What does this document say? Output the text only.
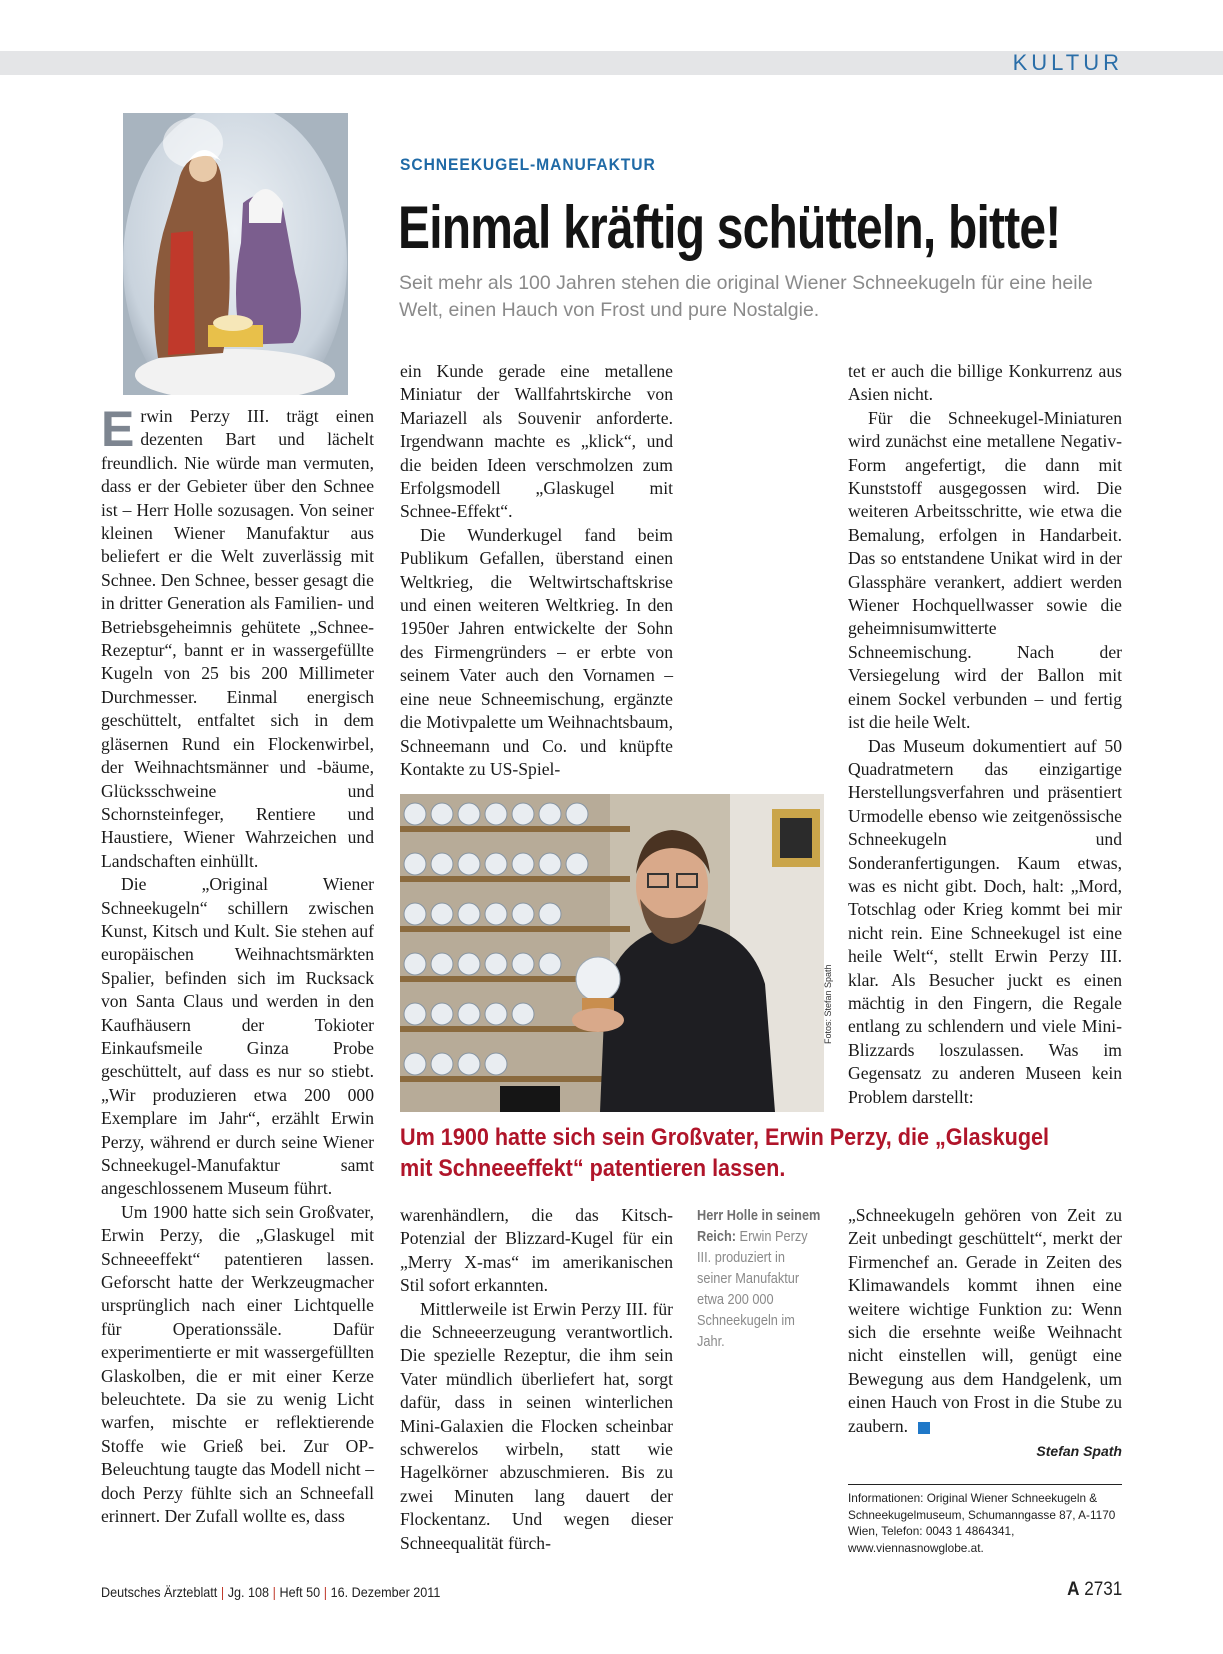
KULTUR
SCHNEEKUGEL-MANUFAKTUR
Einmal kräftig schütteln, bitte!
Seit mehr als 100 Jahren stehen die original Wiener Schneekugeln für eine heile Welt, einen Hauch von Frost und pure Nostalgie.

Erwin Perzy III. trägt einen dezenten Bart und lächelt freundlich. Nie würde man vermuten, dass er der Gebieter über den Schnee ist – Herr Holle sozusagen. Von seiner kleinen Wiener Manufaktur aus beliefert er die Welt zuverlässig mit Schnee. Den Schnee, besser gesagt die in dritter Generation als Familien- und Betriebsgeheimnis gehütete „Schnee-Rezeptur“, bannt er in wassergefüllte Kugeln von 25 bis 200 Millimeter Durchmesser. Einmal energisch geschüttelt, entfaltet sich in dem gläsernen Rund ein Flockenwirbel, der Weihnachtsmänner und -bäume, Glücksschweine und Schornsteinfeger, Rentiere und Haustiere, Wiener Wahrzeichen und Landschaften einhüllt.

Die „Original Wiener Schneekugeln“ schillern zwischen Kunst, Kitsch und Kult. Sie stehen auf europäischen Weihnachtsmärkten Spalier, befinden sich im Rucksack von Santa Claus und werden in den Kaufhäusern der Tokioter Einkaufsmeile Ginza Probe geschüttelt, auf dass es nur so stiebt. „Wir produzieren etwa 200 000 Exemplare im Jahr“, erzählt Erwin Perzy, während er durch seine Wiener Schneekugel-Manufaktur samt angeschlossenem Museum führt.

Um 1900 hatte sich sein Großvater, Erwin Perzy, die „Glaskugel mit Schneeeffekt“ patentieren lassen. Geforscht hatte der Werkzeugmacher ursprünglich nach einer Lichtquelle für Operationssäle. Dafür experimentierte er mit wassergefüllten Glaskolben, die er mit einer Kerze beleuchtete. Da sie zu wenig Licht warfen, mischte er reflektierende Stoffe wie Grieß bei. Zur OP-Beleuchtung taugte das Modell nicht – doch Perzy fühlte sich an Schneefall erinnert. Der Zufall wollte es, dass

ein Kunde gerade eine metallene Miniatur der Wallfahrtskirche von Mariazell als Souvenir anforderte. Irgendwann machte es „klick“, und die beiden Ideen verschmolzen zum Erfolgsmodell „Glaskugel mit Schnee-Effekt“.

Die Wunderkugel fand beim Publikum Gefallen, überstand einen Weltkrieg, die Weltwirtschaftskrise und einen weiteren Weltkrieg. In den 1950er Jahren entwickelte der Sohn des Firmengründers – er erbte von seinem Vater auch den Vornamen – eine neue Schneemischung, ergänzte die Motivpalette um Weihnachtsbaum, Schneemann und Co. und knüpfte Kontakte zu US-Spiel-

tet er auch die billige Konkurrenz aus Asien nicht.

Für die Schneekugel-Miniaturen wird zunächst eine metallene Negativ-Form angefertigt, die dann mit Kunststoff ausgegossen wird. Die weiteren Arbeitsschritte, wie etwa die Bemalung, erfolgen in Handarbeit. Das so entstandene Unikat wird in der Glassphäre verankert, addiert werden Wiener Hochquellwasser sowie die geheimnisumwitterte Schneemischung. Nach der Versiegelung wird der Ballon mit einem Sockel verbunden – und fertig ist die heile Welt.

Das Museum dokumentiert auf 50 Quadratmetern das einzigartige Herstellungsverfahren und präsentiert Urmodelle ebenso wie zeitgenössische Schneekugeln und Sonderanfertigungen. Kaum etwas, was es nicht gibt. Doch, halt: „Mord, Totschlag oder Krieg kommt bei mir nicht rein. Eine Schneekugel ist eine heile Welt“, stellt Erwin Perzy III. klar. Als Besucher juckt es einen mächtig in den Fingern, die Regale entlang zu schlendern und viele Mini-Blizzards loszulassen. Was im Gegensatz zu anderen Museen kein Problem darstellt:

Fotos: Stefan Spath
Um 1900 hatte sich sein Großvater, Erwin Perzy, die „Glaskugel mit Schneeeffekt“ patentieren lassen.

warenhändlern, die das Kitsch-Potenzial der Blizzard-Kugel für ein „Merry X-mas“ im amerikanischen Stil sofort erkannten.

Mittlerweile ist Erwin Perzy III. für die Schneeerzeugung verantwortlich. Die spezielle Rezeptur, die ihm sein Vater mündlich überliefert hat, sorgt dafür, dass in seinen winterlichen Mini-Galaxien die Flocken scheinbar schwerelos wirbeln, statt wie Hagelkörner abzuschmieren. Bis zu zwei Minuten lang dauert der Flockentanz. Und wegen dieser Schneequalität fürch-

Herr Holle in seinem Reich: Erwin Perzy III. produziert in seiner Manufaktur etwa 200 000 Schneekugeln im Jahr.

„Schneekugeln gehören von Zeit zu Zeit unbedingt geschüttelt“, merkt der Firmenchef an. Gerade in Zeiten des Klimawandels kommt ihnen eine weitere wichtige Funktion zu: Wenn sich die ersehnte weiße Weihnacht nicht einstellen will, genügt eine Bewegung aus dem Handgelenk, um einen Hauch von Frost in die Stube zu zaubern.

Stefan Spath
Informationen: Original Wiener Schneekugeln & Schneekugelmuseum, Schumanngasse 87, A-1170 Wien, Telefon: 0043 1 4864341, www.viennasnowglobe.at.
Deutsches Ärzteblatt | Jg. 108 | Heft 50 | 16. Dezember 2011	A 2731
